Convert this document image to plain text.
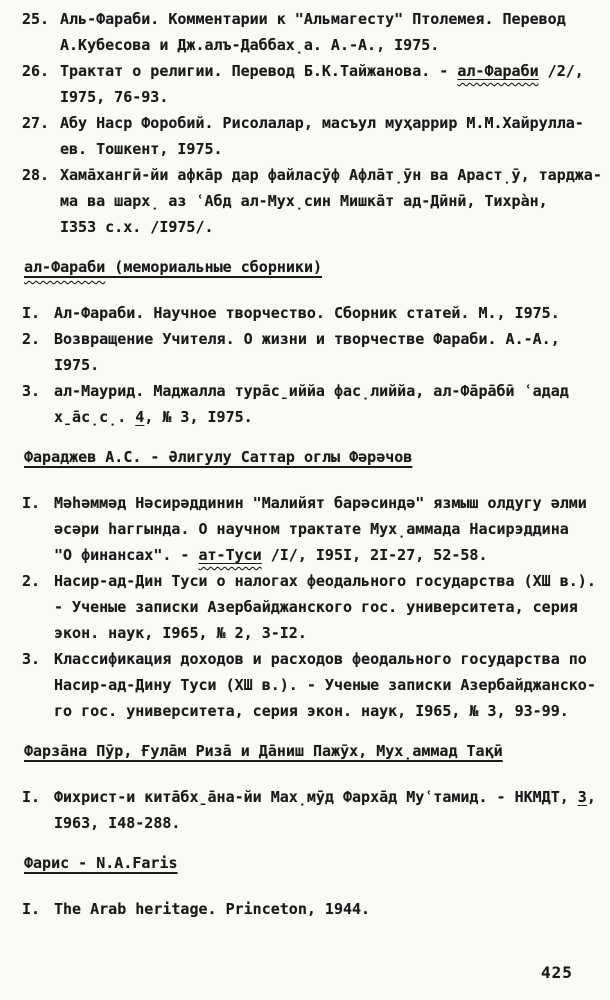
25. Аль-Фараби. Комментарии к "Альмагесту" Птолемея. Перевод
А.Кубесова и Дж.алъ-Даббах̣а. А.-А., I975.
26. Трактат о религии. Перевод Б.К.Тайжанова. - ал-Фараби /2/,
I975, 76-93.
27. Абу Наср Форобий. Рисолалар, масъул муҳаррир М.М.Хайрулла-
ев. Тошкент, I975.
28. Хама̄хангӣ-йи афка̄р дар файласӯф Афла̄т̣ӯн ва Араст̣ӯ, тарджа-
ма ва шарх̣ аз ʿАбд ал-Мух̣син Мишка̄т ад-Дӣнӣ, Тихра̀н,
I353 с.х. /I975/.
ал-Фараби (мемориальные сборники)
I. Ал-Фараби. Научное творчество. Сборник статей. М., I975.
2. Возвращение Учителя. О жизни и творчестве Фараби. А.-А.,
I975.
3. ал-Маурид. Маджалла тура̄с̱иййа фас̣лиййа, ал-Фа̄ра̄бӣ ʿадад
х̱а̄с̣с̣. 4, № 3, I975.
Фараджев А.С. - Əлигулу Саттар оглы Фəрəчов
I. Мəһəммəд Нəсирəддинин "Малийят барəсиндə" язмыш олдугу əлми
əсəри һаггында. О научном трактате Мух̣аммада Насирэддина
"О финансах". - ат-Туси /I/, I95I, 2I-27, 52-58.
2. Насир-ад-Дин Туси о налогах феодального государства (ХШ в.).
- Ученые записки Азербайджанского гос. университета, серия
экон. наук, I965, № 2, 3-I2.
3. Классификация доходов и расходов феодального государства по
Насир-ад-Дину Туси (ХШ в.). - Ученые записки Азербайджанско-
го гос. университета, серия экон. наук, I965, № 3, 93-99.
Фарза̄на Пӯр, Ғула̄м Риза̄ и Да̄ниш Пажӯх, Мух̣аммад Тақӣ
I. Фихрист-и кита̄бх̱а̄на-йи Мах̣мӯд Фарха̄д Муʿтамид. - НКМДТ, 3,
I963, I48-288.
Фарис - N.A.Faris
I. The Arab heritage. Princeton, 1944.
425
